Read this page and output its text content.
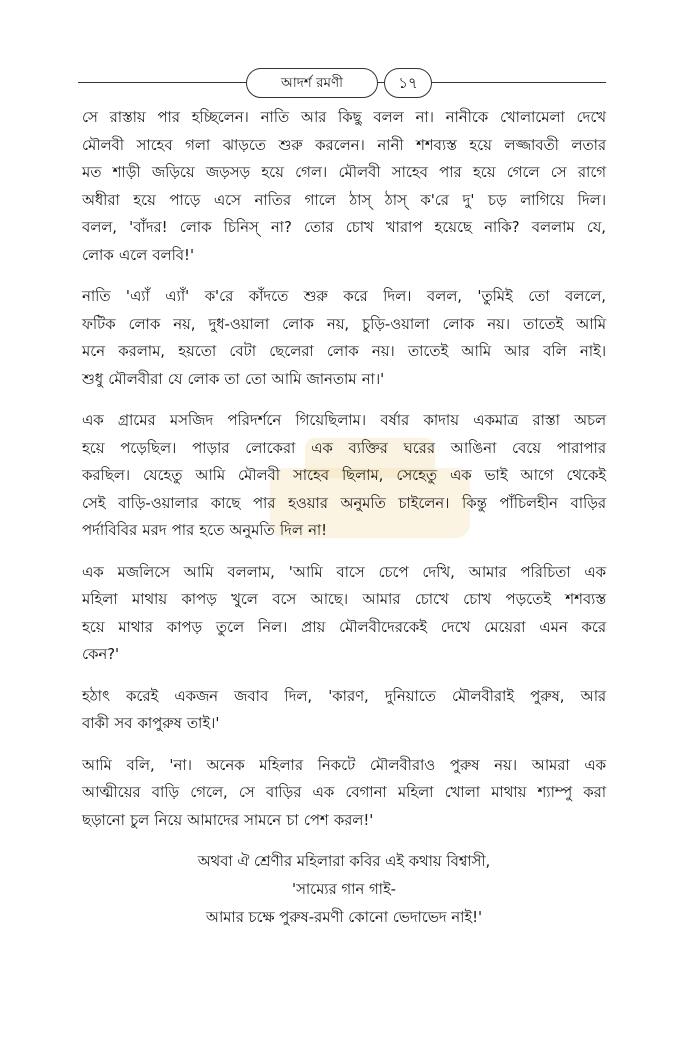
আদর্শ রমণী	১৭

সে রাস্তায় পার হচ্ছিলেন। নাতি আর কিছু বলল না। নানীকে খোলামেলা দেখে
মৌলবী সাহেব গলা ঝাড়তে শুরু করলেন। নানী শশব্যস্ত হয়ে লজ্জাবতী লতার
মত শাড়ী জড়িয়ে জড়সড় হয়ে গেল। মৌলবী সাহেব পার হয়ে গেলে সে রাগে
অধীরা হয়ে পাড়ে এসে নাতির গালে ঠাস্ ঠাস্ ক'রে দু' চড় লাগিয়ে দিল।
বলল, 'বাঁদর! লোক চিনিস্ না? তোর চোখ খারাপ হয়েছে নাকি? বললাম যে,
লোক এলে বলবি!'

নাতি 'এ্যাঁ এ্যাঁ' ক'রে কাঁদতে শুরু করে দিল। বলল, 'তুমিই তো বললে,
ফটিক লোক নয়, দুধ-ওয়ালা লোক নয়, চুড়ি-ওয়ালা লোক নয়। তাতেই আমি
মনে করলাম, হয়তো বেটা ছেলেরা লোক নয়। তাতেই আমি আর বলি নাই।
শুধু মৌলবীরা যে লোক তা তো আমি জানতাম না।'

এক গ্রামের মসজিদ পরিদর্শনে গিয়েছিলাম। বর্ষার কাদায় একমাত্র রাস্তা অচল
হয়ে পড়েছিল। পাড়ার লোকেরা এক ব্যক্তির ঘরের আঙিনা বেয়ে পারাপার
করছিল। যেহেতু আমি মৌলবী সাহেব ছিলাম, সেহেতু এক ভাই আগে থেকেই
সেই বাড়ি-ওয়ালার কাছে পার হওয়ার অনুমতি চাইলেন। কিন্তু পাঁচিলহীন বাড়ির
পর্দাবিবির মরদ পার হতে অনুমতি দিল না!

এক মজলিসে আমি বললাম, 'আমি বাসে চেপে দেখি, আমার পরিচিতা এক
মহিলা মাথায় কাপড় খুলে বসে আছে। আমার চোখে চোখ পড়তেই শশব্যস্ত
হয়ে মাথার কাপড় তুলে নিল। প্রায় মৌলবীদেরকেই দেখে মেয়েরা এমন করে
কেন?'

হঠাৎ করেই একজন জবাব দিল, 'কারণ, দুনিয়াতে মৌলবীরাই পুরুষ, আর
বাকী সব কাপুরুষ তাই।'

আমি বলি, 'না। অনেক মহিলার নিকটে মৌলবীরাও পুরুষ নয়। আমরা এক
আত্মীয়ের বাড়ি গেলে, সে বাড়ির এক বেগানা মহিলা খোলা মাথায় শ্যাম্পু করা
ছড়ানো চুল নিয়ে আমাদের সামনে চা পেশ করল!'

অথবা ঐ শ্রেণীর মহিলারা কবির এই কথায় বিশ্বাসী,
'সাম্যের গান গাই-
আমার চক্ষে পুরুষ-রমণী কোনো ভেদাভেদ নাই!'
